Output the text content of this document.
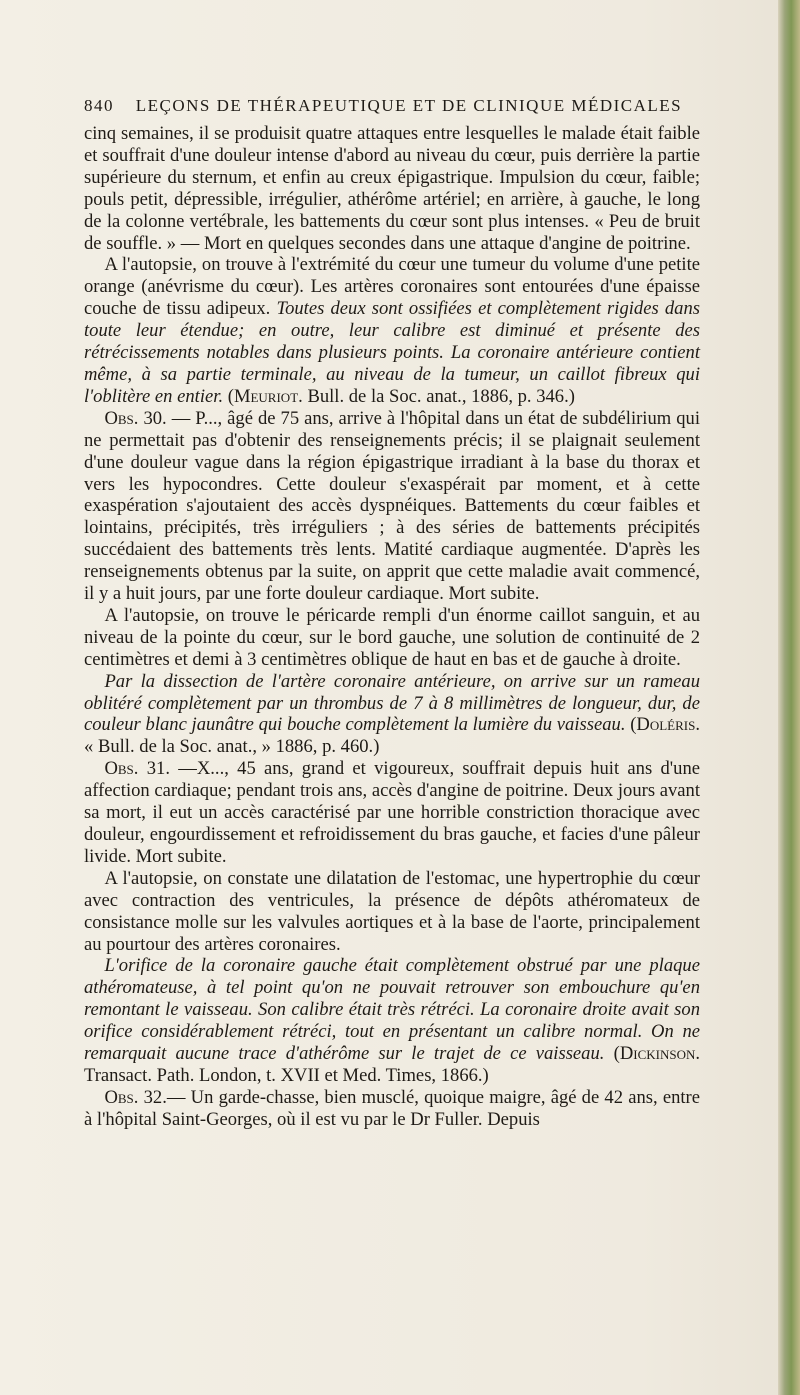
840 LEÇONS DE THÉRAPEUTIQUE ET DE CLINIQUE MÉDICALES

cinq semaines, il se produisit quatre attaques entre lesquelles le malade était faible et souffrait d'une douleur intense d'abord au niveau du cœur, puis derrière la partie supérieure du sternum, et enfin au creux épigastrique. Impulsion du cœur, faible; pouls petit, dépressible, irrégulier, athérôme artériel; en arrière, à gauche, le long de la colonne vertébrale, les battements du cœur sont plus intenses. « Peu de bruit de souffle. » — Mort en quelques secondes dans une attaque d'angine de poitrine.

A l'autopsie, on trouve à l'extrémité du cœur une tumeur du volume d'une petite orange (anévrisme du cœur). Les artères coronaires sont entourées d'une épaisse couche de tissu adipeux. Toutes deux sont ossifiées et complètement rigides dans toute leur étendue; en outre, leur calibre est diminué et présente des rétrécissements notables dans plusieurs points. La coronaire antérieure contient même, à sa partie terminale, au niveau de la tumeur, un caillot fibreux qui l'oblitère en entier. (Meuriot. Bull. de la Soc. anat., 1886, p. 346.)

Obs. 30. — P..., âgé de 75 ans, arrive à l'hôpital dans un état de subdélirium qui ne permettait pas d'obtenir des renseignements précis; il se plaignait seulement d'une douleur vague dans la région épigastrique irradiant à la base du thorax et vers les hypocondres. Cette douleur s'exaspérait par moment, et à cette exaspération s'ajoutaient des accès dyspnéiques. Battements du cœur faibles et lointains, précipités, très irréguliers ; à des séries de battements précipités succédaient des battements très lents. Matité cardiaque augmentée. D'après les renseignements obtenus par la suite, on apprit que cette maladie avait commencé, il y a huit jours, par une forte douleur cardiaque. Mort subite.

A l'autopsie, on trouve le péricarde rempli d'un énorme caillot sanguin, et au niveau de la pointe du cœur, sur le bord gauche, une solution de continuité de 2 centimètres et demi à 3 centimètres oblique de haut en bas et de gauche à droite.

Par la dissection de l'artère coronaire antérieure, on arrive sur un rameau oblitéré complètement par un thrombus de 7 à 8 millimètres de longueur, dur, de couleur blanc jaunâtre qui bouche complètement la lumière du vaisseau. (Doléris. « Bull. de la Soc. anat., » 1886, p. 460.)

Obs. 31. —X..., 45 ans, grand et vigoureux, souffrait depuis huit ans d'une affection cardiaque; pendant trois ans, accès d'angine de poitrine. Deux jours avant sa mort, il eut un accès caractérisé par une horrible constriction thoracique avec douleur, engourdissement et refroidissement du bras gauche, et facies d'une pâleur livide. Mort subite.

A l'autopsie, on constate une dilatation de l'estomac, une hypertrophie du cœur avec contraction des ventricules, la présence de dépôts athéromateux de consistance molle sur les valvules aortiques et à la base de l'aorte, principalement au pourtour des artères coronaires.

L'orifice de la coronaire gauche était complètement obstrué par une plaque athéromateuse, à tel point qu'on ne pouvait retrouver son embouchure qu'en remontant le vaisseau. Son calibre était très rétréci. La coronaire droite avait son orifice considérablement rétréci, tout en présentant un calibre normal. On ne remarquait aucune trace d'athérôme sur le trajet de ce vaisseau. (Dickinson. Transact. Path. London, t. XVII et Med. Times, 1866.)

Obs. 32.— Un garde-chasse, bien musclé, quoique maigre, âgé de 42 ans, entre à l'hôpital Saint-Georges, où il est vu par le Dr Fuller. Depuis
